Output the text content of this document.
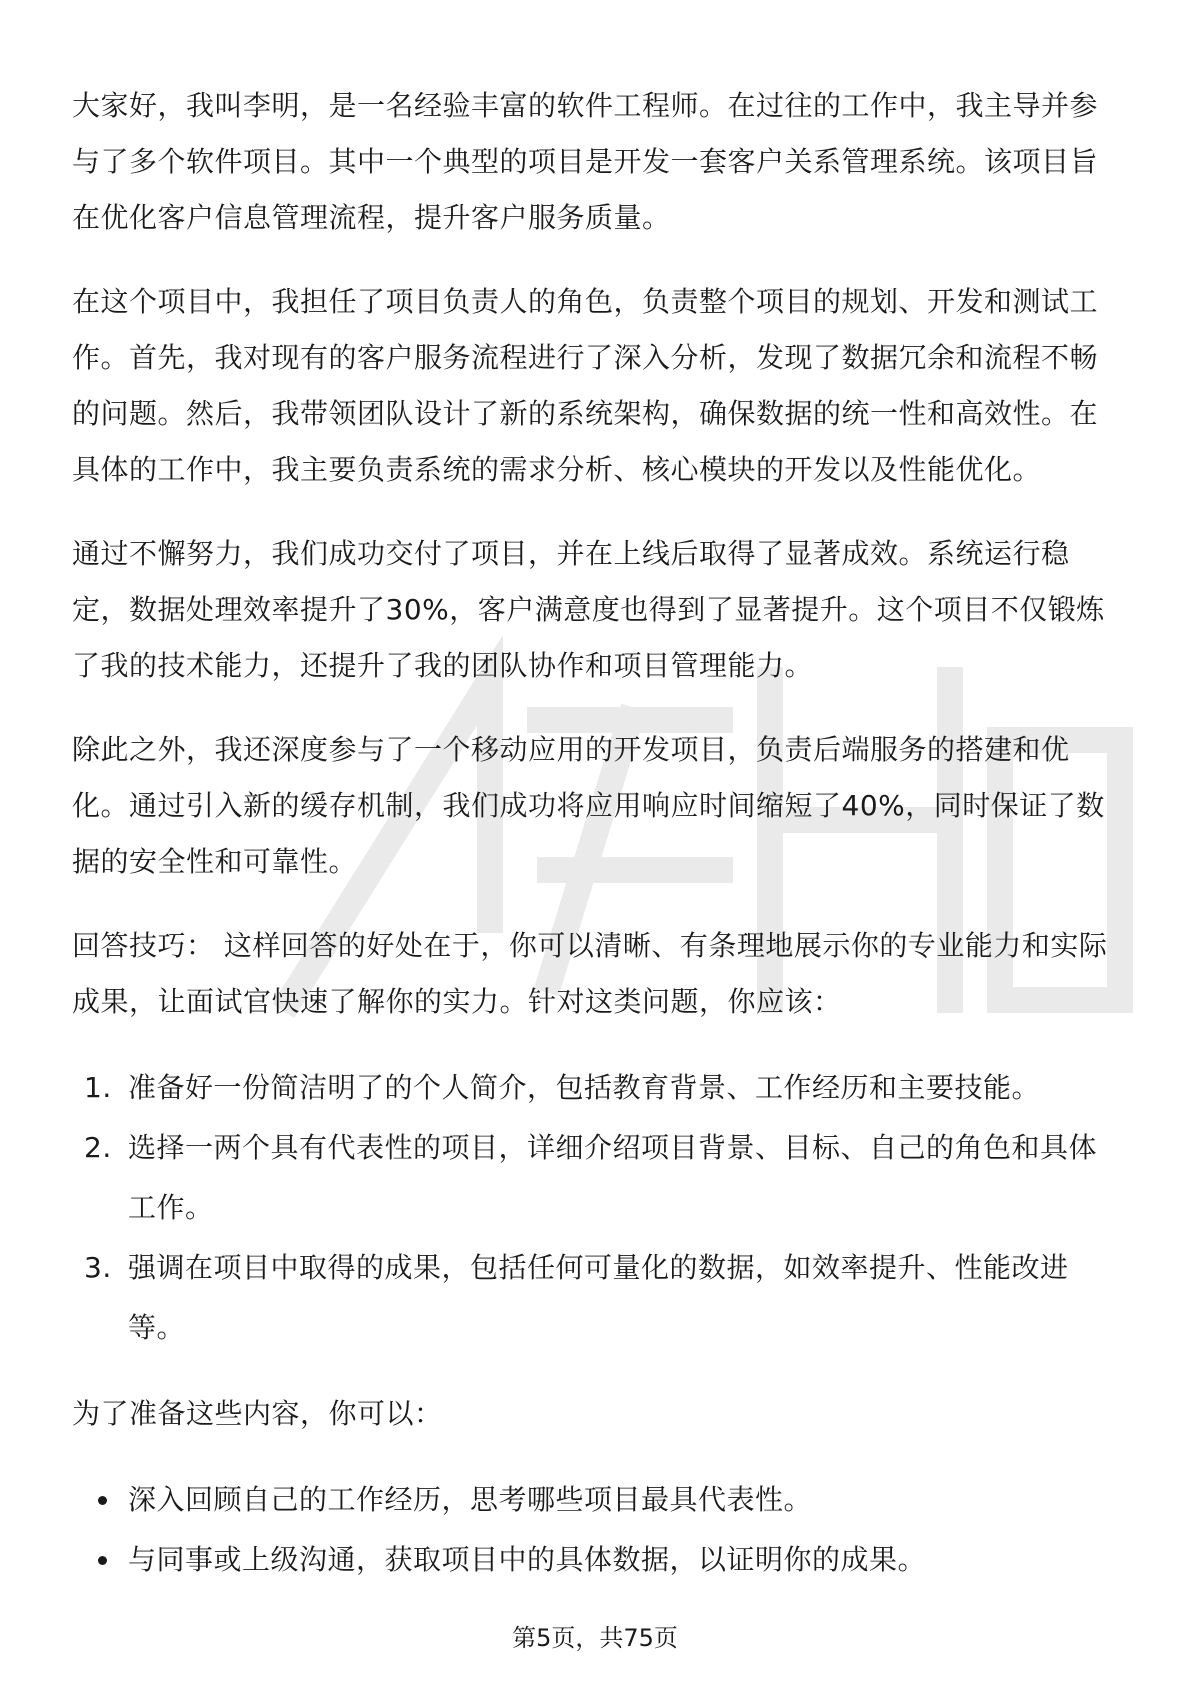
大家好，我叫李明，是一名经验丰富的软件工程师。在过往的工作中，我主导并参与了多个软件项目。其中一个典型的项目是开发一套客户关系管理系统。该项目旨在优化客户信息管理流程，提升客户服务质量。

在这个项目中，我担任了项目负责人的角色，负责整个项目的规划、开发和测试工作。首先，我对现有的客户服务流程进行了深入分析，发现了数据冗余和流程不畅的问题。然后，我带领团队设计了新的系统架构，确保数据的统一性和高效性。在具体的工作中，我主要负责系统的需求分析、核心模块的开发以及性能优化。

通过不懈努力，我们成功交付了项目，并在上线后取得了显著成效。系统运行稳定，数据处理效率提升了30%，客户满意度也得到了显著提升。这个项目不仅锻炼了我的技术能力，还提升了我的团队协作和项目管理能力。

除此之外，我还深度参与了一个移动应用的开发项目，负责后端服务的搭建和优化。通过引入新的缓存机制，我们成功将应用响应时间缩短了40%，同时保证了数据的安全性和可靠性。

回答技巧： 这样回答的好处在于，你可以清晰、有条理地展示你的专业能力和实际成果，让面试官快速了解你的实力。针对这类问题，你应该：

1. 准备好一份简洁明了的个人简介，包括教育背景、工作经历和主要技能。
2. 选择一两个具有代表性的项目，详细介绍项目背景、目标、自己的角色和具体工作。
3. 强调在项目中取得的成果，包括任何可量化的数据，如效率提升、性能改进等。

为了准备这些内容，你可以：

深入回顾自己的工作经历，思考哪些项目最具代表性。
与同事或上级沟通，获取项目中的具体数据，以证明你的成果。
第5页，共75页
